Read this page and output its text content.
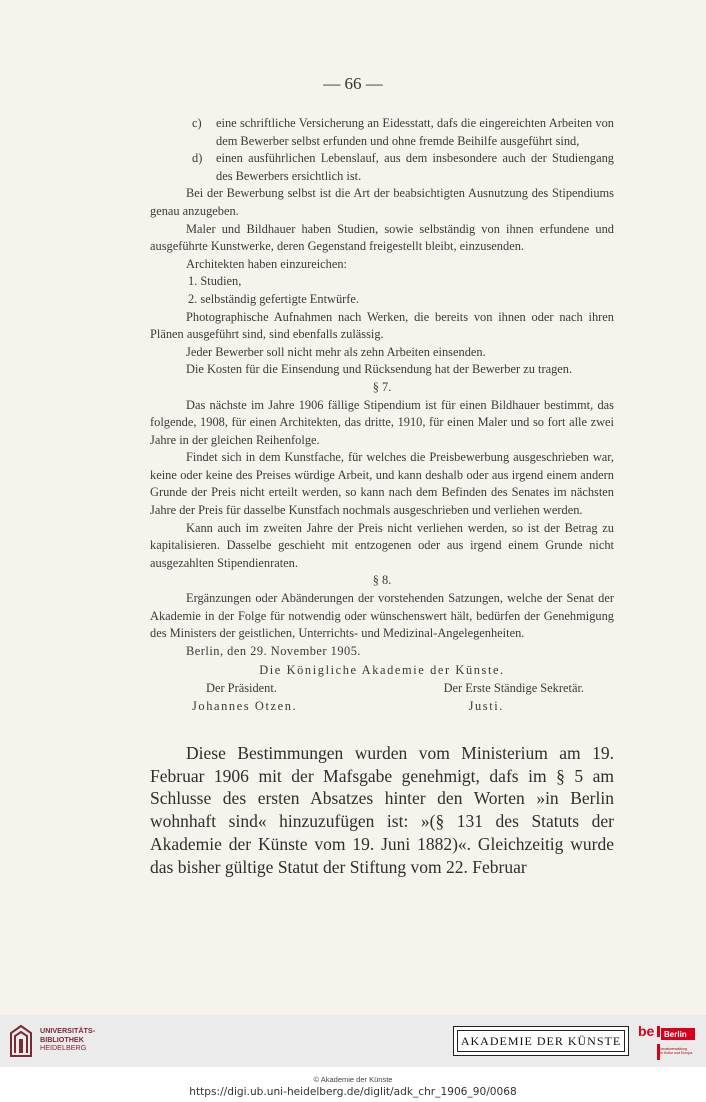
— 66 —

c) eine schriftliche Versicherung an Eidesstatt, dafs die eingereichten Arbeiten von dem Bewerber selbst erfunden und ohne fremde Beihilfe ausgeführt sind,

d) einen ausführlichen Lebenslauf, aus dem insbesondere auch der Studiengang des Bewerbers ersichtlich ist.

Bei der Bewerbung selbst ist die Art der beabsichtigten Ausnutzung des Stipendiums genau anzugeben.

Maler und Bildhauer haben Studien, sowie selbständig von ihnen erfundene und ausgeführte Kunstwerke, deren Gegenstand freigestellt bleibt, einzusenden.

Architekten haben einzureichen:

1. Studien,

2. selbständig gefertigte Entwürfe.

Photographische Aufnahmen nach Werken, die bereits von ihnen oder nach ihren Plänen ausgeführt sind, sind ebenfalls zulässig.

Jeder Bewerber soll nicht mehr als zehn Arbeiten einsenden.

Die Kosten für die Einsendung und Rücksendung hat der Bewerber zu tragen.

§ 7.

Das nächste im Jahre 1906 fällige Stipendium ist für einen Bildhauer bestimmt, das folgende, 1908, für einen Architekten, das dritte, 1910, für einen Maler und so fort alle zwei Jahre in der gleichen Reihenfolge.

Findet sich in dem Kunstfache, für welches die Preisbewerbung ausgeschrieben war, keine oder keine des Preises würdige Arbeit, und kann deshalb oder aus irgend einem andern Grunde der Preis nicht erteilt werden, so kann nach dem Befinden des Senates im nächsten Jahre der Preis für dasselbe Kunstfach nochmals ausgeschrieben und verliehen werden.

Kann auch im zweiten Jahre der Preis nicht verliehen werden, so ist der Betrag zu kapitalisieren. Dasselbe geschieht mit entzogenen oder aus irgend einem Grunde nicht ausgezahlten Stipendienraten.

§ 8.

Ergänzungen oder Abänderungen der vorstehenden Satzungen, welche der Senat der Akademie in der Folge für notwendig oder wünschenswert hält, bedürfen der Genehmigung des Ministers der geistlichen, Unterrichts- und Medizinal-Angelegenheiten.

Berlin, den 29. November 1905.

Die Königliche Akademie der Künste.

Der Präsident.	Der Erste Ständige Sekretär.
Johannes Otzen.	Justi.

Diese Bestimmungen wurden vom Ministerium am 19. Februar 1906 mit der Mafsgabe genehmigt, dafs im § 5 am Schlusse des ersten Absatzes hinter den Worten »in Berlin wohnhaft sind« hinzuzufügen ist: »(§ 131 des Statuts der Akademie der Künste vom 19. Juni 1882)«. Gleichzeitig wurde das bisher gültige Statut der Stiftung vom 22. Februar

UNIVERSITÄTS-
BIBLIOTHEK
HEIDELBERG
AKADEMIE DER KÜNSTE
be Berlin
Senatsverwaltung
für Kultur und Europa
© Akademie der Künste
https://digi.ub.uni-heidelberg.de/diglit/adk_chr_1906_90/0068
